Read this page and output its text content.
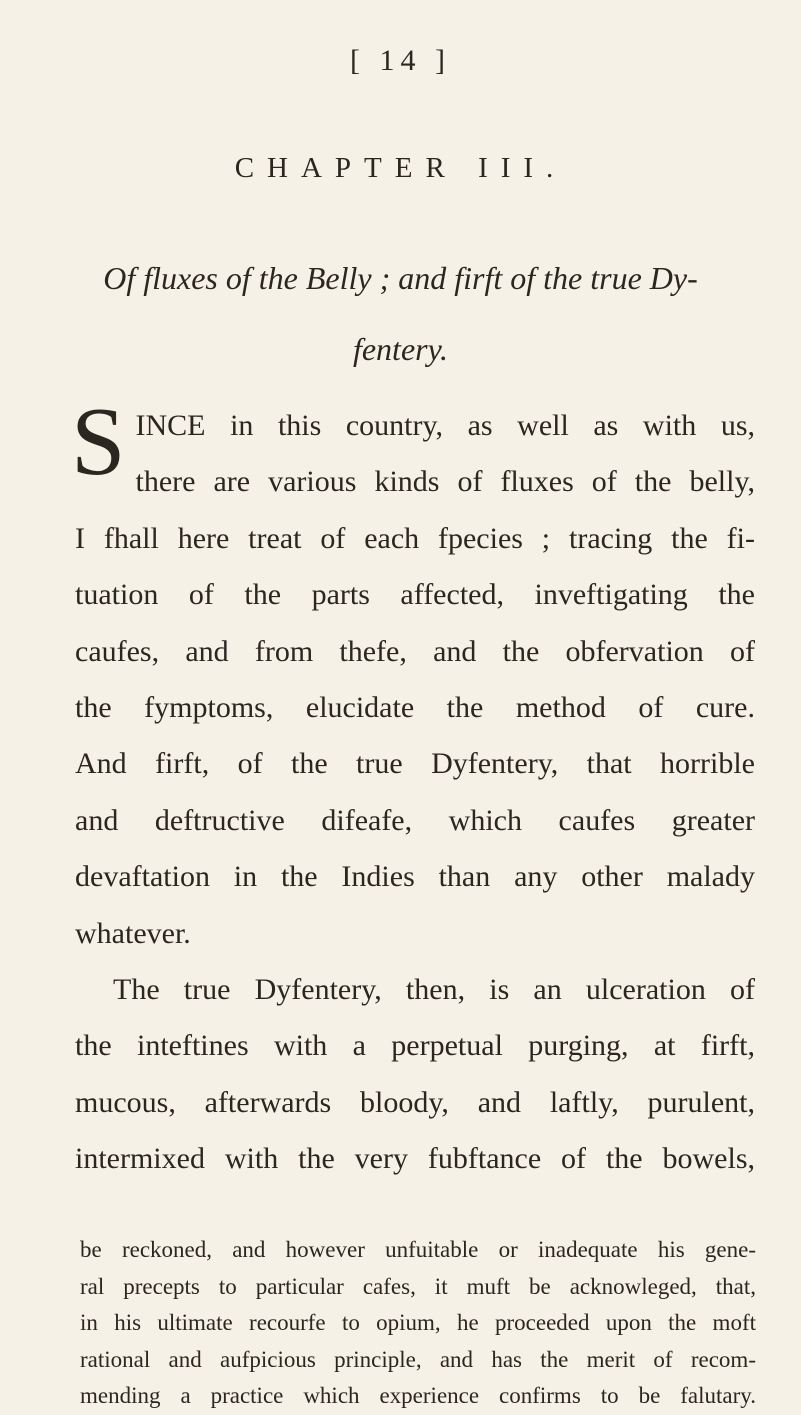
[ 14 ]
CHAPTER III.
Of fluxes of the Belly ; and firft of the true Dy-
fentery.
S INCE in this country, as well as with us,
there are various kinds of fluxes of the belly,
I fhall here treat of each fpecies ; tracing the fi-
tuation of the parts affected, inveftigating the
caufes, and from thefe, and the obfervation of
the fymptoms, elucidate the method of cure.
And firft, of the true Dyfentery, that horrible
and deftructive difeafe, which caufes greater
devaftation in the Indies than any other malady
whatever.
The true Dyfentery, then, is an ulceration of
the inteftines with a perpetual purging, at firft,
mucous, afterwards bloody, and laftly, purulent,
intermixed with the very fubftance of the bowels,
be reckoned, and however unfuitable or inadequate his gene-
ral precepts to particular cafes, it muft be acknowleged, that,
in his ultimate recourfe to opium, he proceeded upon the moft
rational and aufpicious principle, and has the merit of recom-
mending a practice which experience confirms to be falutary.
